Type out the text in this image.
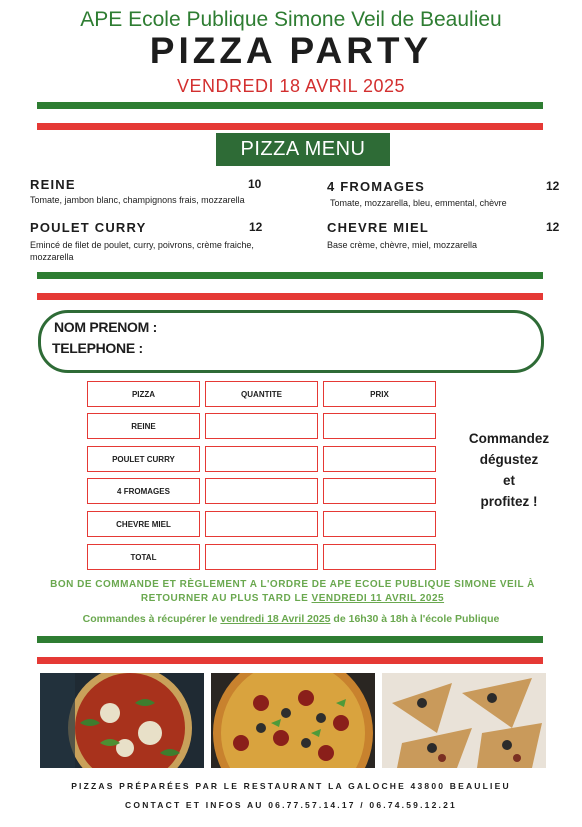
APE Ecole Publique Simone Veil de Beaulieu
PIZZA PARTY
VENDREDI 18 AVRIL 2025
PIZZA MENU
REINE	10
Tomate, jambon blanc, champignons frais, mozzarella
POULET CURRY	12
Emincé de filet de poulet, curry, poivrons, crème fraiche,
mozzarella
4 FROMAGES	12
Tomate, mozzarella, bleu, emmental, chèvre
CHEVRE MIEL	12
Base crème, chèvre, miel, mozzarella
NOM PRENOM :
TELEPHONE :
PIZZA	QUANTITE	PRIX
REINE
POULET CURRY
4 FROMAGES
CHEVRE MIEL
TOTAL
Commandez
dégustez
et
profitez !
BON DE COMMANDE ET RÈGLEMENT A L'ORDRE DE APE ECOLE PUBLIQUE SIMONE VEIL À
RETOURNER AU PLUS TARD LE VENDREDI 11 AVRIL 2025
Commandes à récupérer le vendredi 18 Avril 2025 de 16h30 à 18h à l'école Publique
PIZZAS PRÉPARÉES PAR LE RESTAURANT LA GALOCHE 43800 BEAULIEU
CONTACT ET INFOS AU 06.77.57.14.17 / 06.74.59.12.21
